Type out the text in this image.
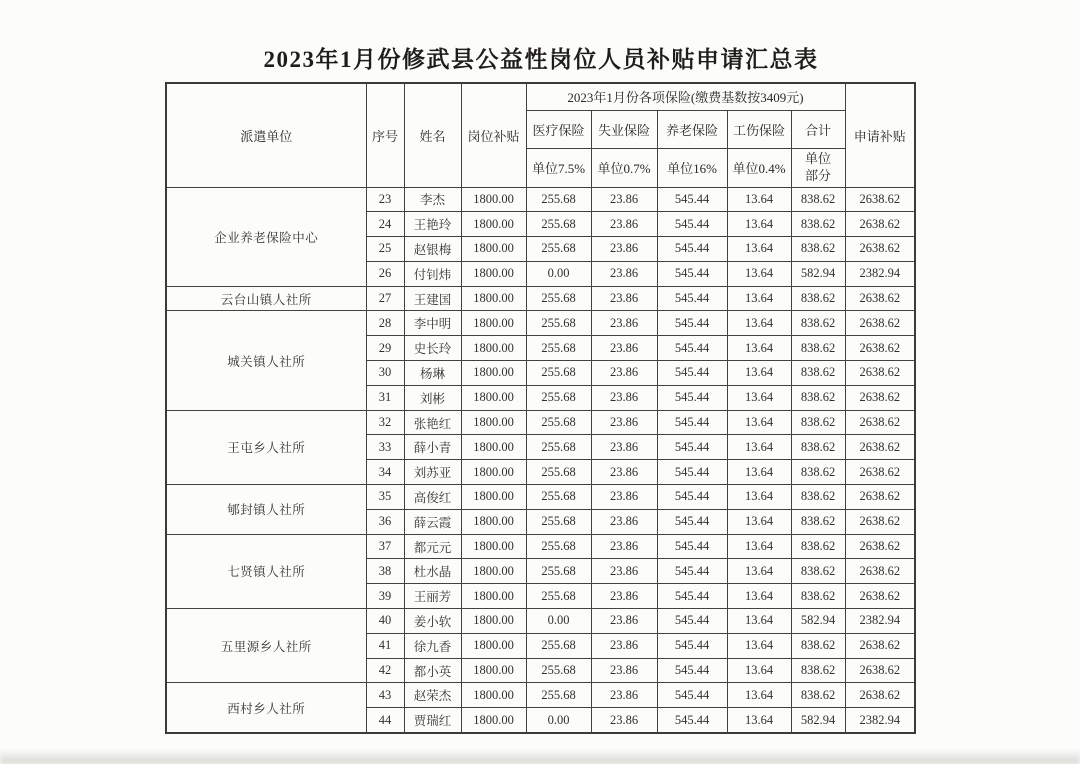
2023年1月份修武县公益性岗位人员补贴申请汇总表
派遣单位	序号	姓名	岗位补贴	2023年1月份各项保险(缴费基数按3409元)					申请补贴
				医疗保险	失业保险	养老保险	工伤保险	合计	
				单位7.5%	单位0.7%	单位16%	单位0.4%	单位部分	
企业养老保险中心	23	李杰	1800.00	255.68	23.86	545.44	13.64	838.62	2638.62
	24	王艳玲	1800.00	255.68	23.86	545.44	13.64	838.62	2638.62
	25	赵银梅	1800.00	255.68	23.86	545.44	13.64	838.62	2638.62
	26	付钊炜	1800.00	0.00	23.86	545.44	13.64	582.94	2382.94
云台山镇人社所	27	王建国	1800.00	255.68	23.86	545.44	13.64	838.62	2638.62
城关镇人社所	28	李中明	1800.00	255.68	23.86	545.44	13.64	838.62	2638.62
	29	史长玲	1800.00	255.68	23.86	545.44	13.64	838.62	2638.62
	30	杨琳	1800.00	255.68	23.86	545.44	13.64	838.62	2638.62
	31	刘彬	1800.00	255.68	23.86	545.44	13.64	838.62	2638.62
王屯乡人社所	32	张艳红	1800.00	255.68	23.86	545.44	13.64	838.62	2638.62
	33	薛小青	1800.00	255.68	23.86	545.44	13.64	838.62	2638.62
	34	刘苏亚	1800.00	255.68	23.86	545.44	13.64	838.62	2638.62
郇封镇人社所	35	高俊红	1800.00	255.68	23.86	545.44	13.64	838.62	2638.62
	36	薛云霞	1800.00	255.68	23.86	545.44	13.64	838.62	2638.62
七贤镇人社所	37	都元元	1800.00	255.68	23.86	545.44	13.64	838.62	2638.62
	38	杜水晶	1800.00	255.68	23.86	545.44	13.64	838.62	2638.62
	39	王丽芳	1800.00	255.68	23.86	545.44	13.64	838.62	2638.62
五里源乡人社所	40	姜小软	1800.00	0.00	23.86	545.44	13.64	582.94	2382.94
	41	徐九香	1800.00	255.68	23.86	545.44	13.64	838.62	2638.62
	42	都小英	1800.00	255.68	23.86	545.44	13.64	838.62	2638.62
西村乡人社所	43	赵荣杰	1800.00	255.68	23.86	545.44	13.64	838.62	2638.62
	44	贾瑞红	1800.00	0.00	23.86	545.44	13.64	582.94	2382.94
